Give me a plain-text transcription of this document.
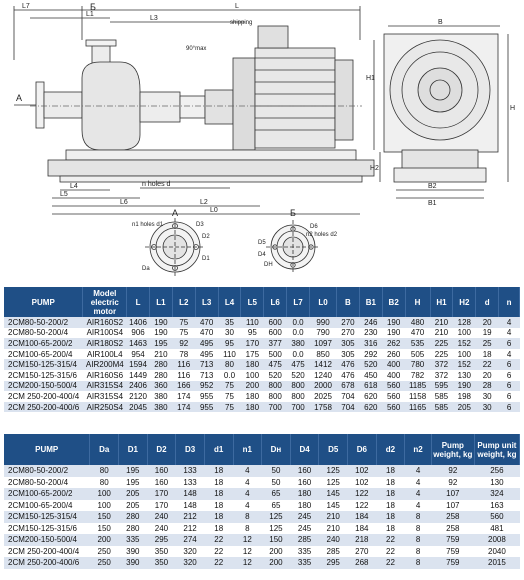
L7
L1
L
L3
Б
shipping
90°max
A
L4
L5
n holes d
L6	L2
L0
B
H1
H
H2
B2
B1
A	Б
n1 holes d1	D3
D2
D1
Da
n2 holes d2
D6
D5
D4
DH
PUMP	Model electric motor	L	L1	L2	L3	L4	L5	L6	L7	L0	B	B1	B2	H	H1	H2	d	n
2CM80-50-200/2	AIR160S2	1406	190	75	470	35	110	600	0.0	990	270	246	190	480	210	128	20	4
2CM80-50-200/4	AIR100S4	906	190	75	470	30	95	600	0.0	790	270	230	190	470	210	100	19	4
2CM100-65-200/2	AIR180S2	1463	195	92	495	95	170	377	380	1097	305	316	262	535	225	152	25	6
2CM100-65-200/4	AIR100L4	954	210	78	495	110	175	500	0.0	850	305	292	260	505	225	100	18	4
2CM150-125-315/4	AIR200M4	1594	280	116	713	80	180	475	475	1412	476	520	400	780	372	152	22	6
2CM150-125-315/6	AIR160S6	1449	280	116	713	0.0	100	520	520	1240	476	450	400	782	372	130	20	6
2CM200-150-500/4	AIR315S4	2406	360	166	952	75	200	800	800	2000	678	618	560	1185	595	190	28	6
2CM 250-200-400/4	AIR315S4	2120	380	174	955	75	180	800	800	2025	704	620	560	1158	585	198	30	6
2CM 250-200-400/6	AIR250S4	2045	380	174	955	75	180	700	700	1758	704	620	560	1165	585	205	30	6
PUMP	Da	D1	D2	D3	d1	n1	Dн	D4	D5	D6	d2	n2	Pump weight, kg	Pump unit weight, kg
2CM80-50-200/2	80	195	160	133	18	4	50	160	125	102	18	4	92	256
2CM80-50-200/4	80	195	160	133	18	4	50	160	125	102	18	4	92	130
2CM100-65-200/2	100	205	170	148	18	4	65	180	145	122	18	4	107	324
2CM100-65-200/4	100	205	170	148	18	4	65	180	145	122	18	4	107	163
2CM150-125-315/4	150	280	240	212	18	8	125	245	210	184	18	8	258	560
2CM150-125-315/6	150	280	240	212	18	8	125	245	210	184	18	8	258	481
2CM200-150-500/4	200	335	295	274	22	12	150	285	240	218	22	8	759	2008
2CM 250-200-400/4	250	390	350	320	22	12	200	335	285	270	22	8	759	2040
2CM 250-200-400/6	250	390	350	320	22	12	200	335	295	268	22	8	759	2015
